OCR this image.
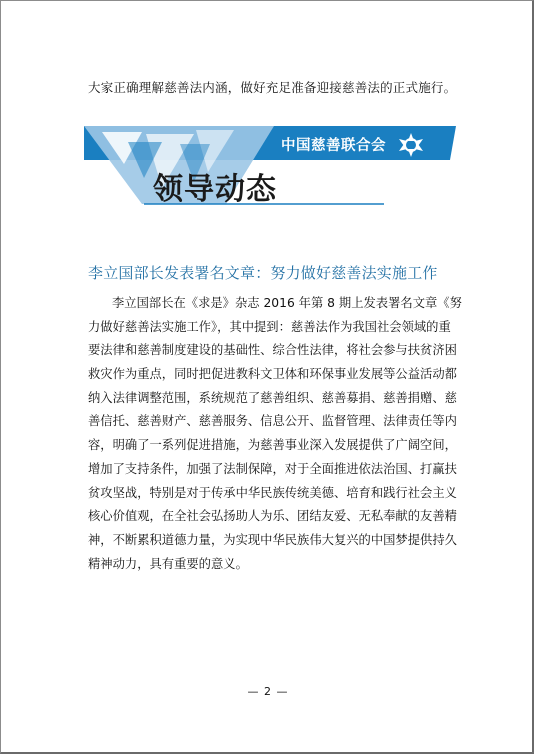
大家正确理解慈善法内涵，做好充足准备迎接慈善法的正式施行。
中国慈善联合会
领导动态
李立国部长发表署名文章：努力做好慈善法实施工作
李立国部长在《求是》杂志 2016 年第 8 期上发表署名文章《努
力做好慈善法实施工作》，其中提到：慈善法作为我国社会领域的重
要法律和慈善制度建设的基础性、综合性法律，将社会参与扶贫济困
救灾作为重点，同时把促进教科文卫体和环保事业发展等公益活动都
纳入法律调整范围，系统规范了慈善组织、慈善募捐、慈善捐赠、慈
善信托、慈善财产、慈善服务、信息公开、监督管理、法律责任等内
容，明确了一系列促进措施，为慈善事业深入发展提供了广阔空间，
增加了支持条件，加强了法制保障，对于全面推进依法治国、打赢扶
贫攻坚战，特别是对于传承中华民族传统美德、培育和践行社会主义
核心价值观，在全社会弘扬助人为乐、团结友爱、无私奉献的友善精
神，不断累积道德力量，为实现中华民族伟大复兴的中国梦提供持久
精神动力，具有重要的意义。
— 2 —
